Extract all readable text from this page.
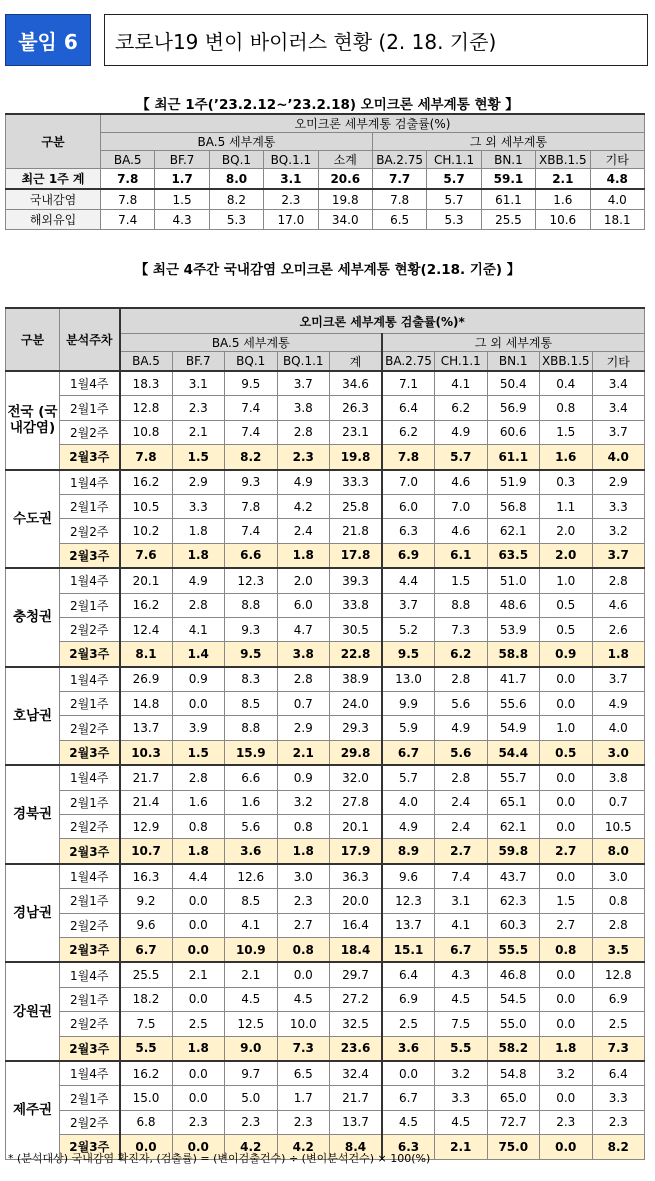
붙임 6	코로나19 변이 바이러스 현황 (2. 18. 기준)
【 최근 1주(’23.2.12~’23.2.18) 오미크론 세부계통 현황 】
구분	오미크론 세부계통 검출률(%)									
	BA.5 세부계통					그 외 세부계통				
	BA.5	BF.7	BQ.1	BQ.1.1	소계	BA.2.75	CH.1.1	BN.1	XBB.1.5	기타
최근 1주 계	7.8	1.7	8.0	3.1	20.6	7.7	5.7	59.1	2.1	4.8
국내감염	7.8	1.5	8.2	2.3	19.8	7.8	5.7	61.1	1.6	4.0
해외유입	7.4	4.3	5.3	17.0	34.0	6.5	5.3	25.5	10.6	18.1
【 최근 4주간 국내감염 오미크론 세부계통 현황(2.18. 기준) 】
구분	분석주차	오미크론 세부계통 검출률(%)*									
		BA.5 세부계통					그 외 세부계통				
		BA.5	BF.7	BQ.1	BQ.1.1	계	BA.2.75	CH.1.1	BN.1	XBB.1.5	기타
전국 (국내감염)	1월4주	18.3	3.1	9.5	3.7	34.6	7.1	4.1	50.4	0.4	3.4
	2월1주	12.8	2.3	7.4	3.8	26.3	6.4	6.2	56.9	0.8	3.4
	2월2주	10.8	2.1	7.4	2.8	23.1	6.2	4.9	60.6	1.5	3.7
	2월3주	7.8	1.5	8.2	2.3	19.8	7.8	5.7	61.1	1.6	4.0
수도권	1월4주	16.2	2.9	9.3	4.9	33.3	7.0	4.6	51.9	0.3	2.9
	2월1주	10.5	3.3	7.8	4.2	25.8	6.0	7.0	56.8	1.1	3.3
	2월2주	10.2	1.8	7.4	2.4	21.8	6.3	4.6	62.1	2.0	3.2
	2월3주	7.6	1.8	6.6	1.8	17.8	6.9	6.1	63.5	2.0	3.7
충청권	1월4주	20.1	4.9	12.3	2.0	39.3	4.4	1.5	51.0	1.0	2.8
	2월1주	16.2	2.8	8.8	6.0	33.8	3.7	8.8	48.6	0.5	4.6
	2월2주	12.4	4.1	9.3	4.7	30.5	5.2	7.3	53.9	0.5	2.6
	2월3주	8.1	1.4	9.5	3.8	22.8	9.5	6.2	58.8	0.9	1.8
호남권	1월4주	26.9	0.9	8.3	2.8	38.9	13.0	2.8	41.7	0.0	3.7
	2월1주	14.8	0.0	8.5	0.7	24.0	9.9	5.6	55.6	0.0	4.9
	2월2주	13.7	3.9	8.8	2.9	29.3	5.9	4.9	54.9	1.0	4.0
	2월3주	10.3	1.5	15.9	2.1	29.8	6.7	5.6	54.4	0.5	3.0
경북권	1월4주	21.7	2.8	6.6	0.9	32.0	5.7	2.8	55.7	0.0	3.8
	2월1주	21.4	1.6	1.6	3.2	27.8	4.0	2.4	65.1	0.0	0.7
	2월2주	12.9	0.8	5.6	0.8	20.1	4.9	2.4	62.1	0.0	10.5
	2월3주	10.7	1.8	3.6	1.8	17.9	8.9	2.7	59.8	2.7	8.0
경남권	1월4주	16.3	4.4	12.6	3.0	36.3	9.6	7.4	43.7	0.0	3.0
	2월1주	9.2	0.0	8.5	2.3	20.0	12.3	3.1	62.3	1.5	0.8
	2월2주	9.6	0.0	4.1	2.7	16.4	13.7	4.1	60.3	2.7	2.8
	2월3주	6.7	0.0	10.9	0.8	18.4	15.1	6.7	55.5	0.8	3.5
강원권	1월4주	25.5	2.1	2.1	0.0	29.7	6.4	4.3	46.8	0.0	12.8
	2월1주	18.2	0.0	4.5	4.5	27.2	6.9	4.5	54.5	0.0	6.9
	2월2주	7.5	2.5	12.5	10.0	32.5	2.5	7.5	55.0	0.0	2.5
	2월3주	5.5	1.8	9.0	7.3	23.6	3.6	5.5	58.2	1.8	7.3
제주권	1월4주	16.2	0.0	9.7	6.5	32.4	0.0	3.2	54.8	3.2	6.4
	2월1주	15.0	0.0	5.0	1.7	21.7	6.7	3.3	65.0	0.0	3.3
	2월2주	6.8	2.3	2.3	2.3	13.7	4.5	4.5	72.7	2.3	2.3
	2월3주	0.0	0.0	4.2	4.2	8.4	6.3	2.1	75.0	0.0	8.2
* (분석대상) 국내감염 확진자, (검출률) = (변이검출건수) ÷ (변이분석건수) × 100(%)
